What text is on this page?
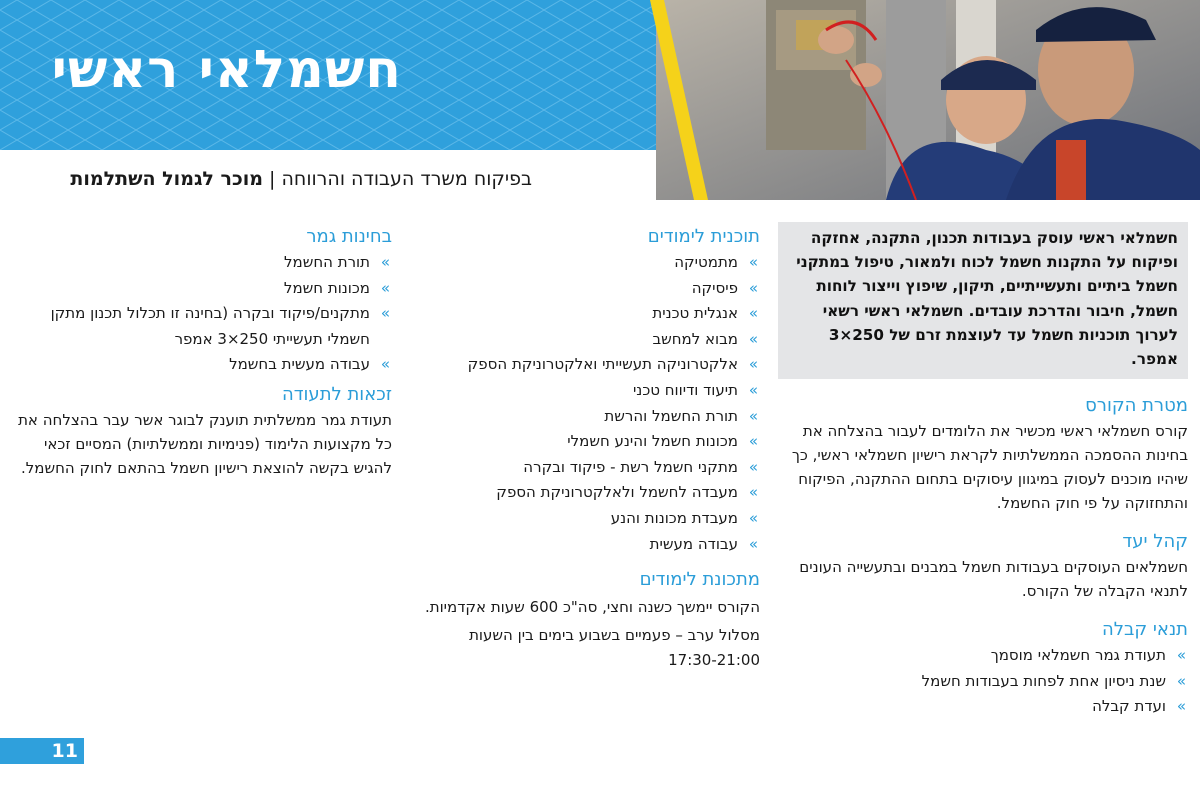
חשמלאי ראשי
בפיקוח משרד העבודה והרווחה | מוכר לגמול השתלמות
חשמלאי ראשי עוסק בעבודות תכנון, התקנה, אחזקה ופיקוח על התקנות חשמל לכוח ולמאור, טיפול במתקני חשמל ביתיים ותעשייתיים, תיקון, שיפוץ וייצור לוחות חשמל, חיבור והדרכת עובדים. חשמלאי ראשי רשאי לערוך תוכניות חשמל עד לעוצמת זרם של 250×3 אמפר.
מטרת הקורס

קורס חשמלאי ראשי מכשיר את הלומדים לעבור בהצלחה את בחינות ההסמכה הממשלתיות לקראת רישיון חשמלאי ראשי, כך שיהיו מוכנים לעסוק במיגוון עיסוקים בתחום ההתקנה, הפיקוח והתחזוקה על פי חוק החשמל.

קהל יעד

חשמלאים העוסקים בעבודות חשמל במבנים ובתעשייה העונים לתנאי הקבלה של הקורס.

תנאי קבלה
»
תעודת גמר חשמלאי מוסמך
»
שנת ניסיון אחת לפחות בעבודות חשמל
»
ועדת קבלה
תוכנית לימודים
»
מתמטיקה
»
פיסיקה
»
אנגלית טכנית
»
מבוא למחשב
»
אלקטרוניקה תעשייתי ואלקטרוניקת הספק
»
תיעוד ודיווח טכני
»
תורת החשמל והרשת
»
מכונות חשמל והינע חשמלי
»
מתקני חשמל רשת - פיקוד ובקרה
»
מעבדה לחשמל ולאלקטרוניקת הספק
»
מעבדת מכונות והנע
»
עבודה מעשית
מתכונת לימודים

הקורס יימשך כשנה וחצי, סה"כ 600 שעות אקדמיות.

מסלול ערב – פעמיים בשבוע בימים בין השעות

17:30-21:00

בחינות גמר
»
תורת החשמל
»
מכונות חשמל
»
מתקנים/פיקוד ובקרה (בחינה זו תכלול תכנון מתקן חשמלי תעשייתי 250×3 אמפר
»
עבודה מעשית בחשמל
זכאות לתעודה

תעודת גמר ממשלתית תוענק לבוגר אשר עבר בהצלחה את כל מקצועות הלימוד (פנימיות וממשלתיות) המסיים זכאי להגיש בקשה להוצאת רישיון חשמל בהתאם לחוק החשמל.

11
